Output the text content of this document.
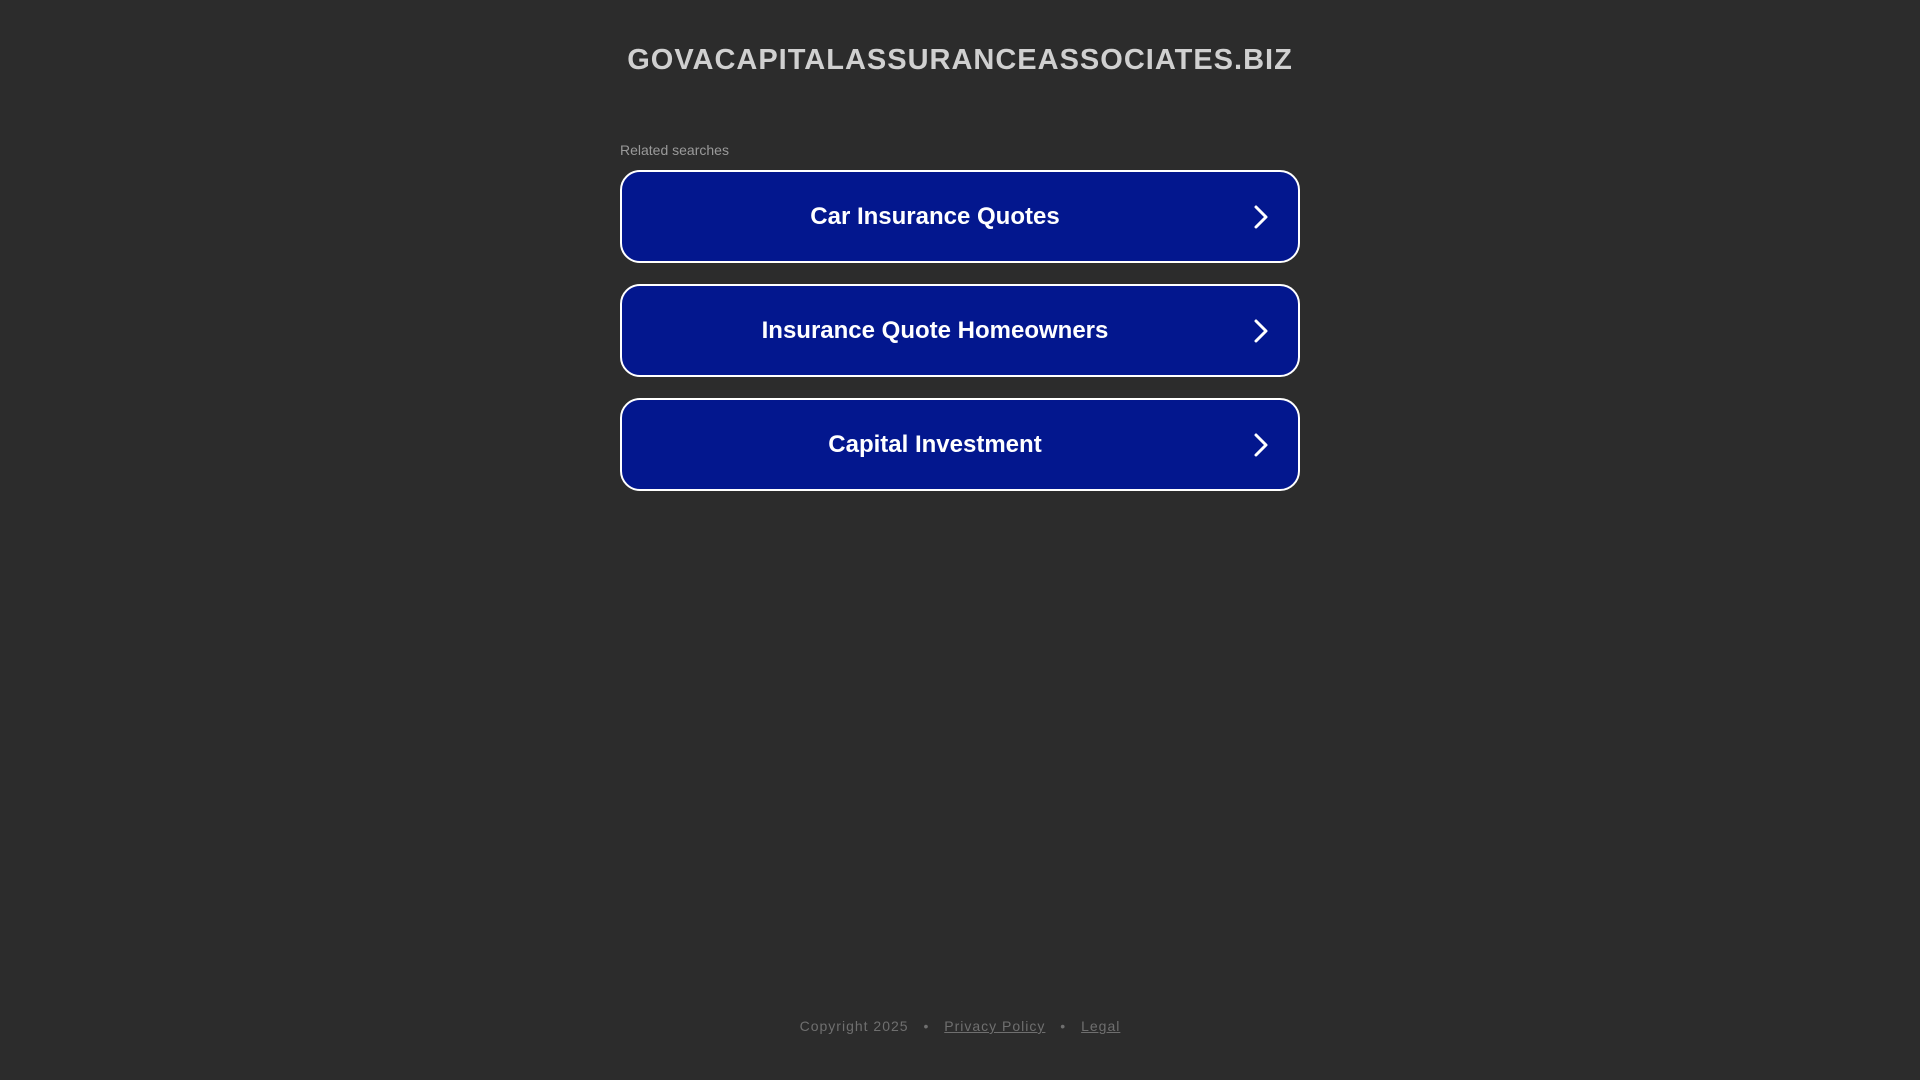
GOVACAPITALASSURANCEASSOCIATES.BIZ
Related searches
Car Insurance Quotes
Insurance Quote Homeowners
Capital Investment
Copyright 2025 • Privacy Policy • Legal
